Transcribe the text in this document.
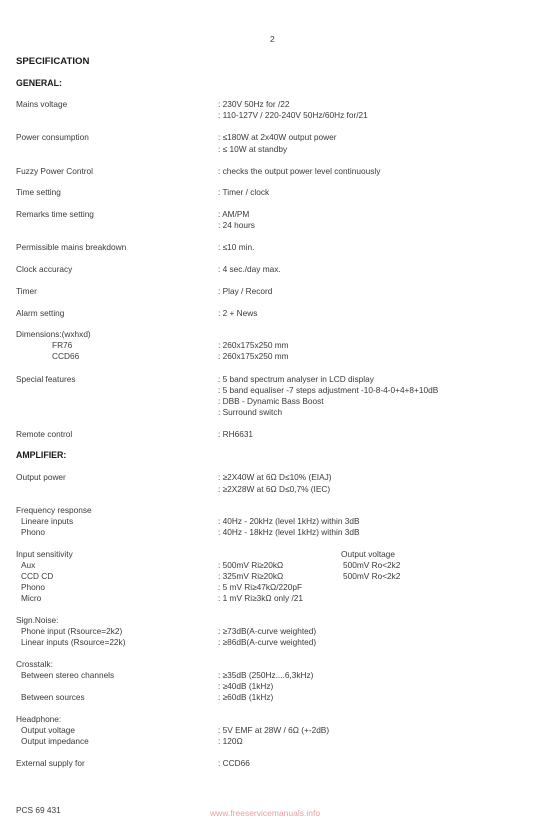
2
SPECIFICATION
GENERAL:
Mains voltage	: 230V 50Hz for /22
: 110-127V / 220-240V 50Hz/60Hz for/21
Power consumption	: ≤180W at 2x40W output power
: ≤ 10W at standby
Fuzzy Power Control	: checks the output power level continuously
Time setting	: Timer / clock
Remarks time setting	: AM/PM
: 24 hours
Permissible mains breakdown	: ≤10 min.
Clock accuracy	: 4 sec./day max.
Timer	: Play / Record
Alarm setting	: 2 + News
Dimensions:(wxhxd)
FR76	: 260x175x250 mm
CCD66	: 260x175x250 mm
Special features	: 5 band spectrum analyser in LCD display
: 5 band equaliser -7 steps adjustment -10-8-4-0+4+8+10dB
: DBB - Dynamic Bass Boost
: Surround switch
Remote control	: RH6631
AMPLIFIER:
Output power	: ≥2X40W at 6Ω D≤10% (EIAJ)
: ≥2X28W at 6Ω D≤0,7% (IEC)
Frequency response
Lineare inputs	: 40Hz - 20kHz (level 1kHz) within 3dB
Phono	: 40Hz - 18kHz (level 1kHz) within 3dB
Input sensitivity	Output voltage
Aux	: 500mV Ri≥20kΩ	500mV Ro<2k2
CCD CD	: 325mV Ri≥20kΩ	500mV Ro<2k2
Phono	: 5 mV Ri≥47kΩ/220pF
Micro	: 1 mV Ri≥3kΩ only /21
Sign.Noise:
Phone input (Rsource=2k2)	: ≥73dB(A-curve weighted)
Linear inputs (Rsource=22k)	: ≥86dB(A-curve weighted)
Crosstalk:
Between stereo channels	: ≥35dB (250Hz....6,3kHz)
: ≥40dB (1kHz)
Between sources	: ≥60dB (1kHz)
Headphone:
Output voltage	: 5V EMF at 28W / 6Ω (+-2dB)
Output impedance	: 120Ω
External supply for	: CCD66
PCS 69 431	www.freeservicemanuals.info
